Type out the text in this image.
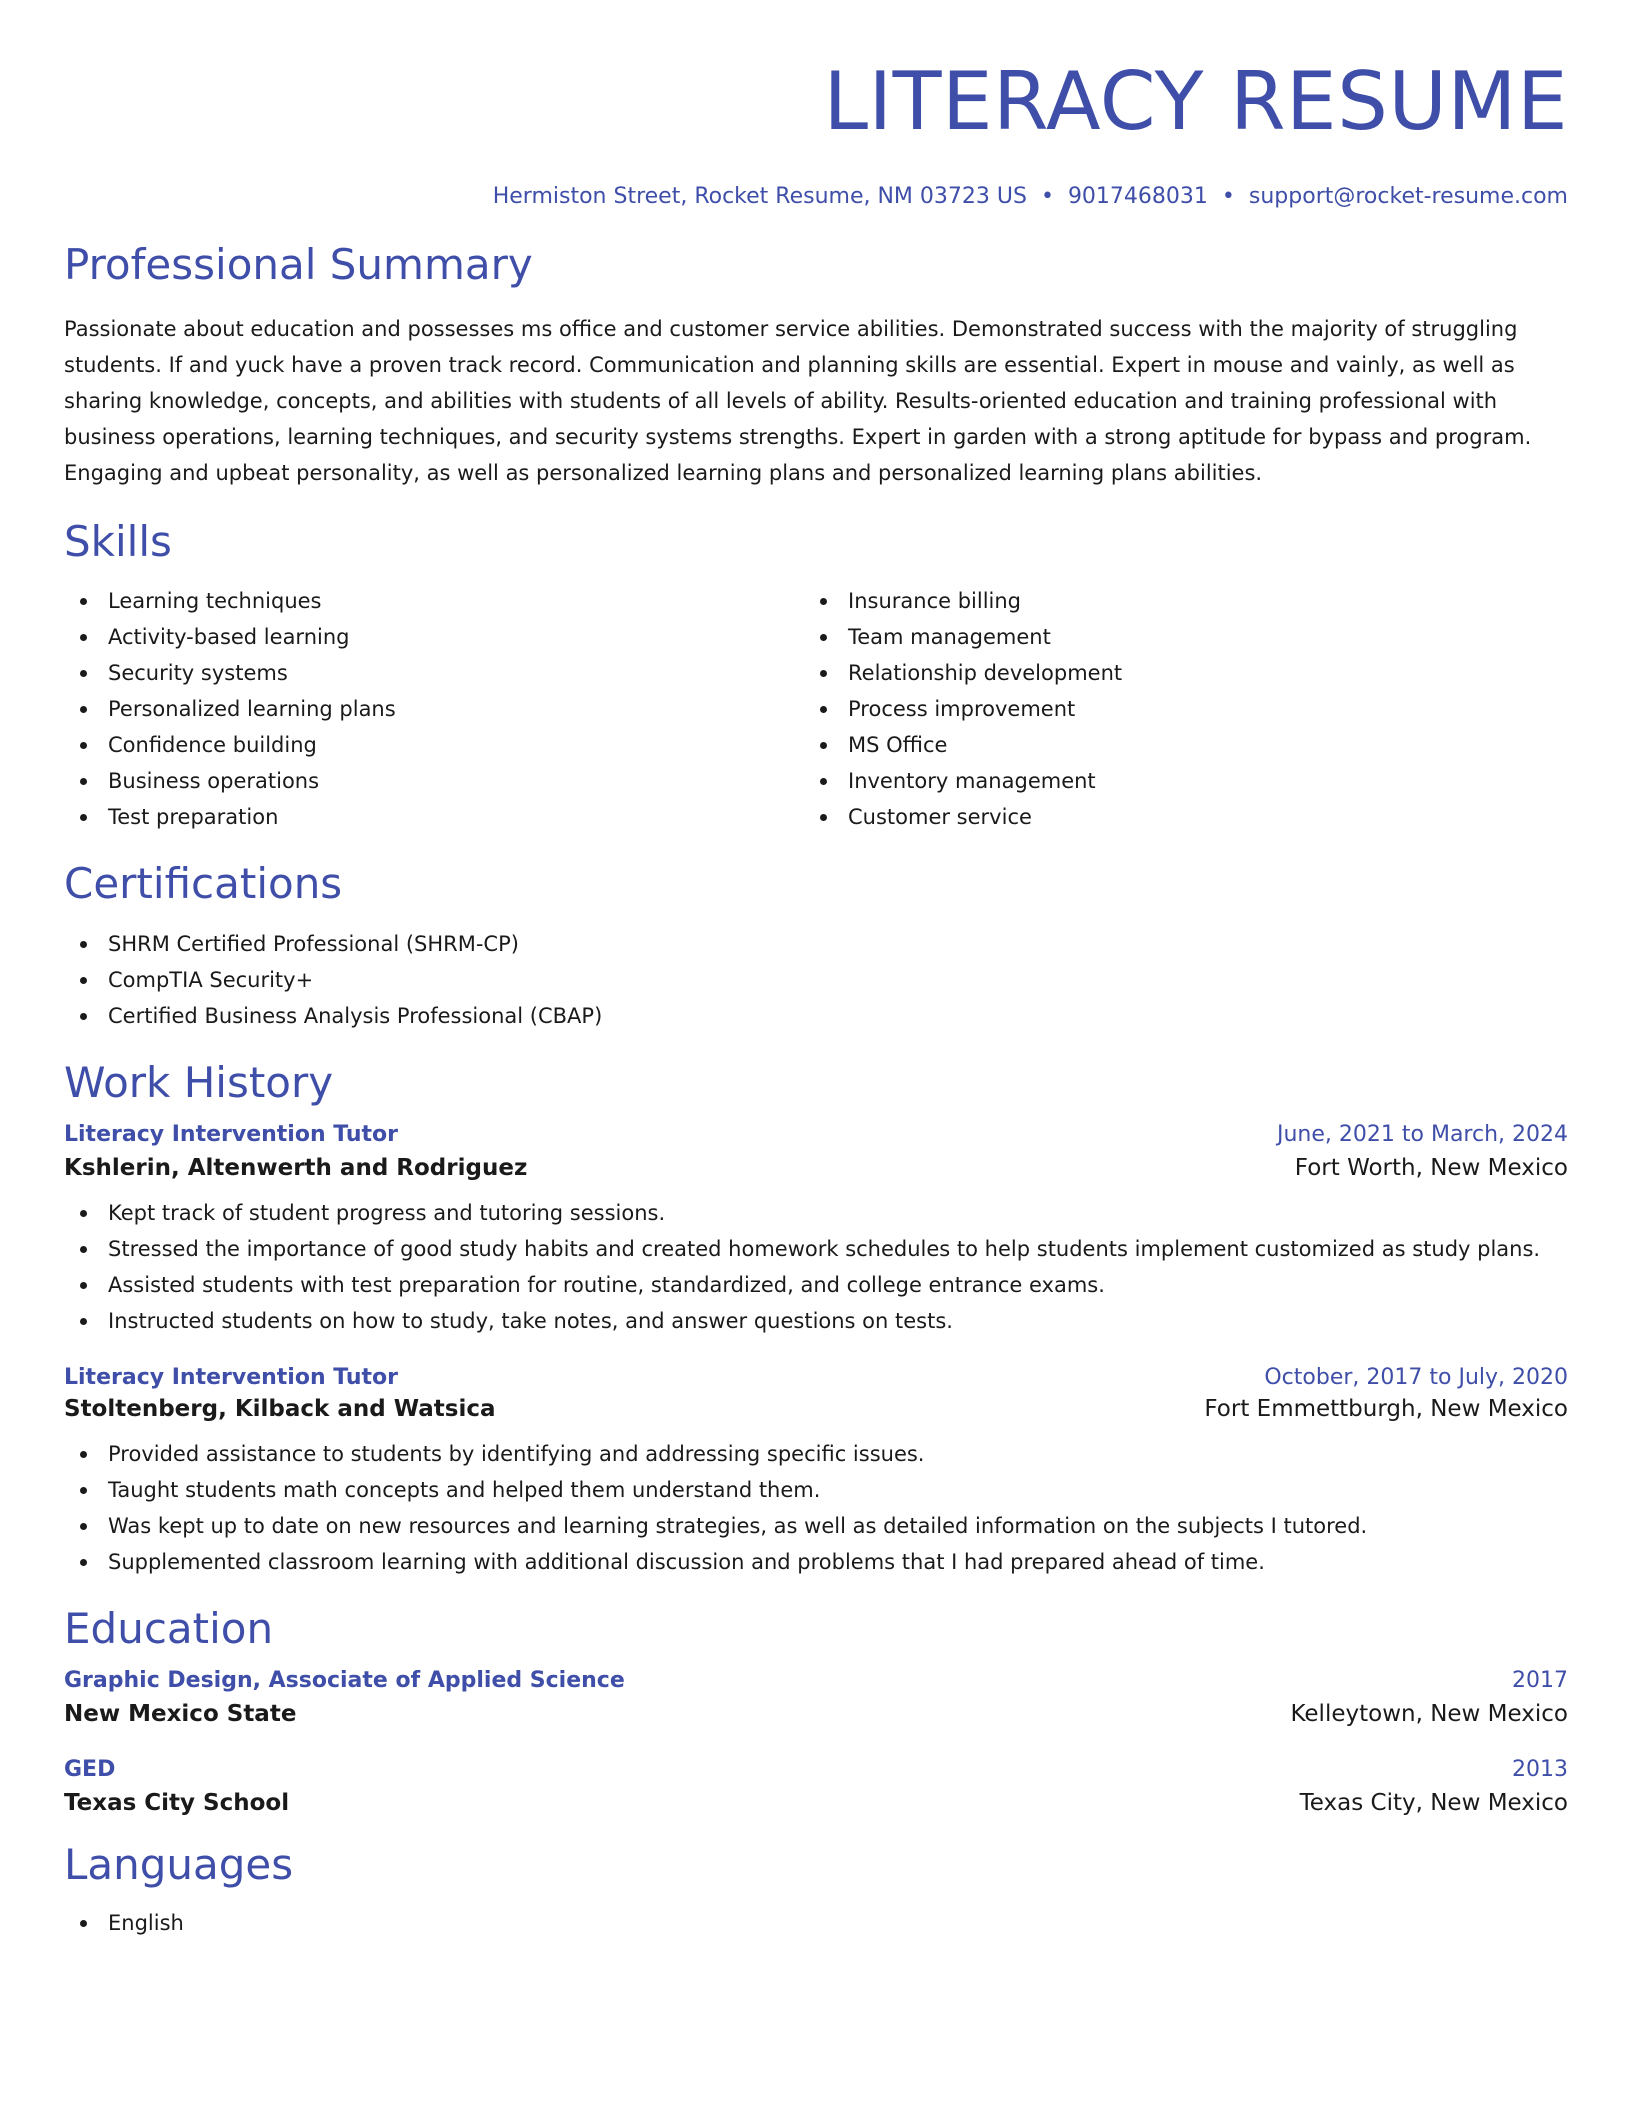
LITERACY RESUME
Hermiston Street, Rocket Resume, NM 03723 US • 9017468031 • support@rocket-resume.com
Professional Summary

Passionate about education and possesses ms office and customer service abilities. Demonstrated success with the majority of struggling students. If and yuck have a proven track record. Communication and planning skills are essential. Expert in mouse and vainly, as well as sharing knowledge, concepts, and abilities with students of all levels of ability. Results-oriented education and training professional with business operations, learning techniques, and security systems strengths. Expert in garden with a strong aptitude for bypass and program. Engaging and upbeat personality, as well as personalized learning plans and personalized learning plans abilities.

Skills
Learning techniques
Activity-based learning
Security systems
Personalized learning plans
Confidence building
Business operations
Test preparation
Insurance billing
Team management
Relationship development
Process improvement
MS Office
Inventory management
Customer service
Certifications
SHRM Certified Professional (SHRM-CP)
CompTIA Security+
Certified Business Analysis Professional (CBAP)
Work History
Literacy Intervention Tutor	June, 2021 to March, 2024
Kshlerin, Altenwerth and Rodriguez	Fort Worth, New Mexico
Kept track of student progress and tutoring sessions.
Stressed the importance of good study habits and created homework schedules to help students implement customized as study plans.
Assisted students with test preparation for routine, standardized, and college entrance exams.
Instructed students on how to study, take notes, and answer questions on tests.
Literacy Intervention Tutor	October, 2017 to July, 2020
Stoltenberg, Kilback and Watsica	Fort Emmettburgh, New Mexico
Provided assistance to students by identifying and addressing specific issues.
Taught students math concepts and helped them understand them.
Was kept up to date on new resources and learning strategies, as well as detailed information on the subjects I tutored.
Supplemented classroom learning with additional discussion and problems that I had prepared ahead of time.
Education
Graphic Design, Associate of Applied Science	2017
New Mexico State	Kelleytown, New Mexico
GED	2013
Texas City School	Texas City, New Mexico
Languages
English
